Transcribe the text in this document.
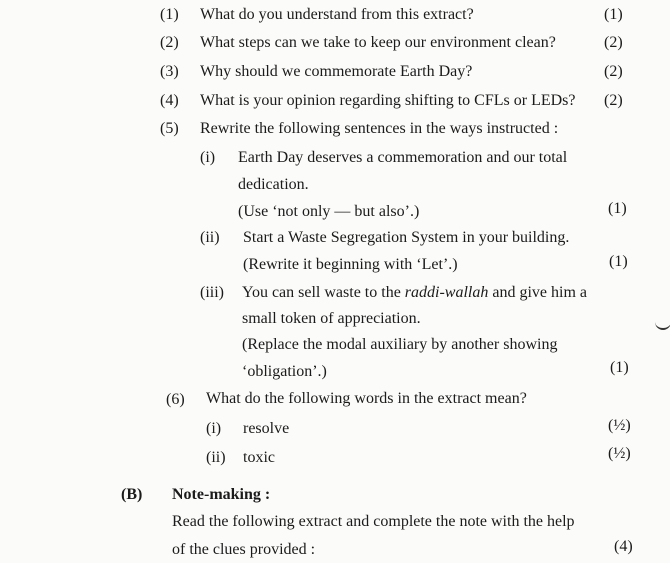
(1) What do you understand from this extract?	(1)
(2) What steps can we take to keep our environment clean?	(2)
(3) Why should we commemorate Earth Day?	(2)
(4) What is your opinion regarding shifting to CFLs or LEDs? (2)
(5) Rewrite the following sentences in the ways instructed :
(i) Earth Day deserves a commemoration and our total
dedication.
(Use ‘not only — but also’.)	(1)
(ii) Start a Waste Segregation System in your building.
(Rewrite it beginning with ‘Let’.)	(1)
(iii) You can sell waste to the raddi-wallah and give him a
small token of appreciation.
(Replace the modal auxiliary by another showing
‘obligation’.)	(1)
(6) What do the following words in the extract mean?
(i) resolve	(½)
(ii) toxic	(½)
(B) Note-making :
Read the following extract and complete the note with the help
of the clues provided :	(4)
